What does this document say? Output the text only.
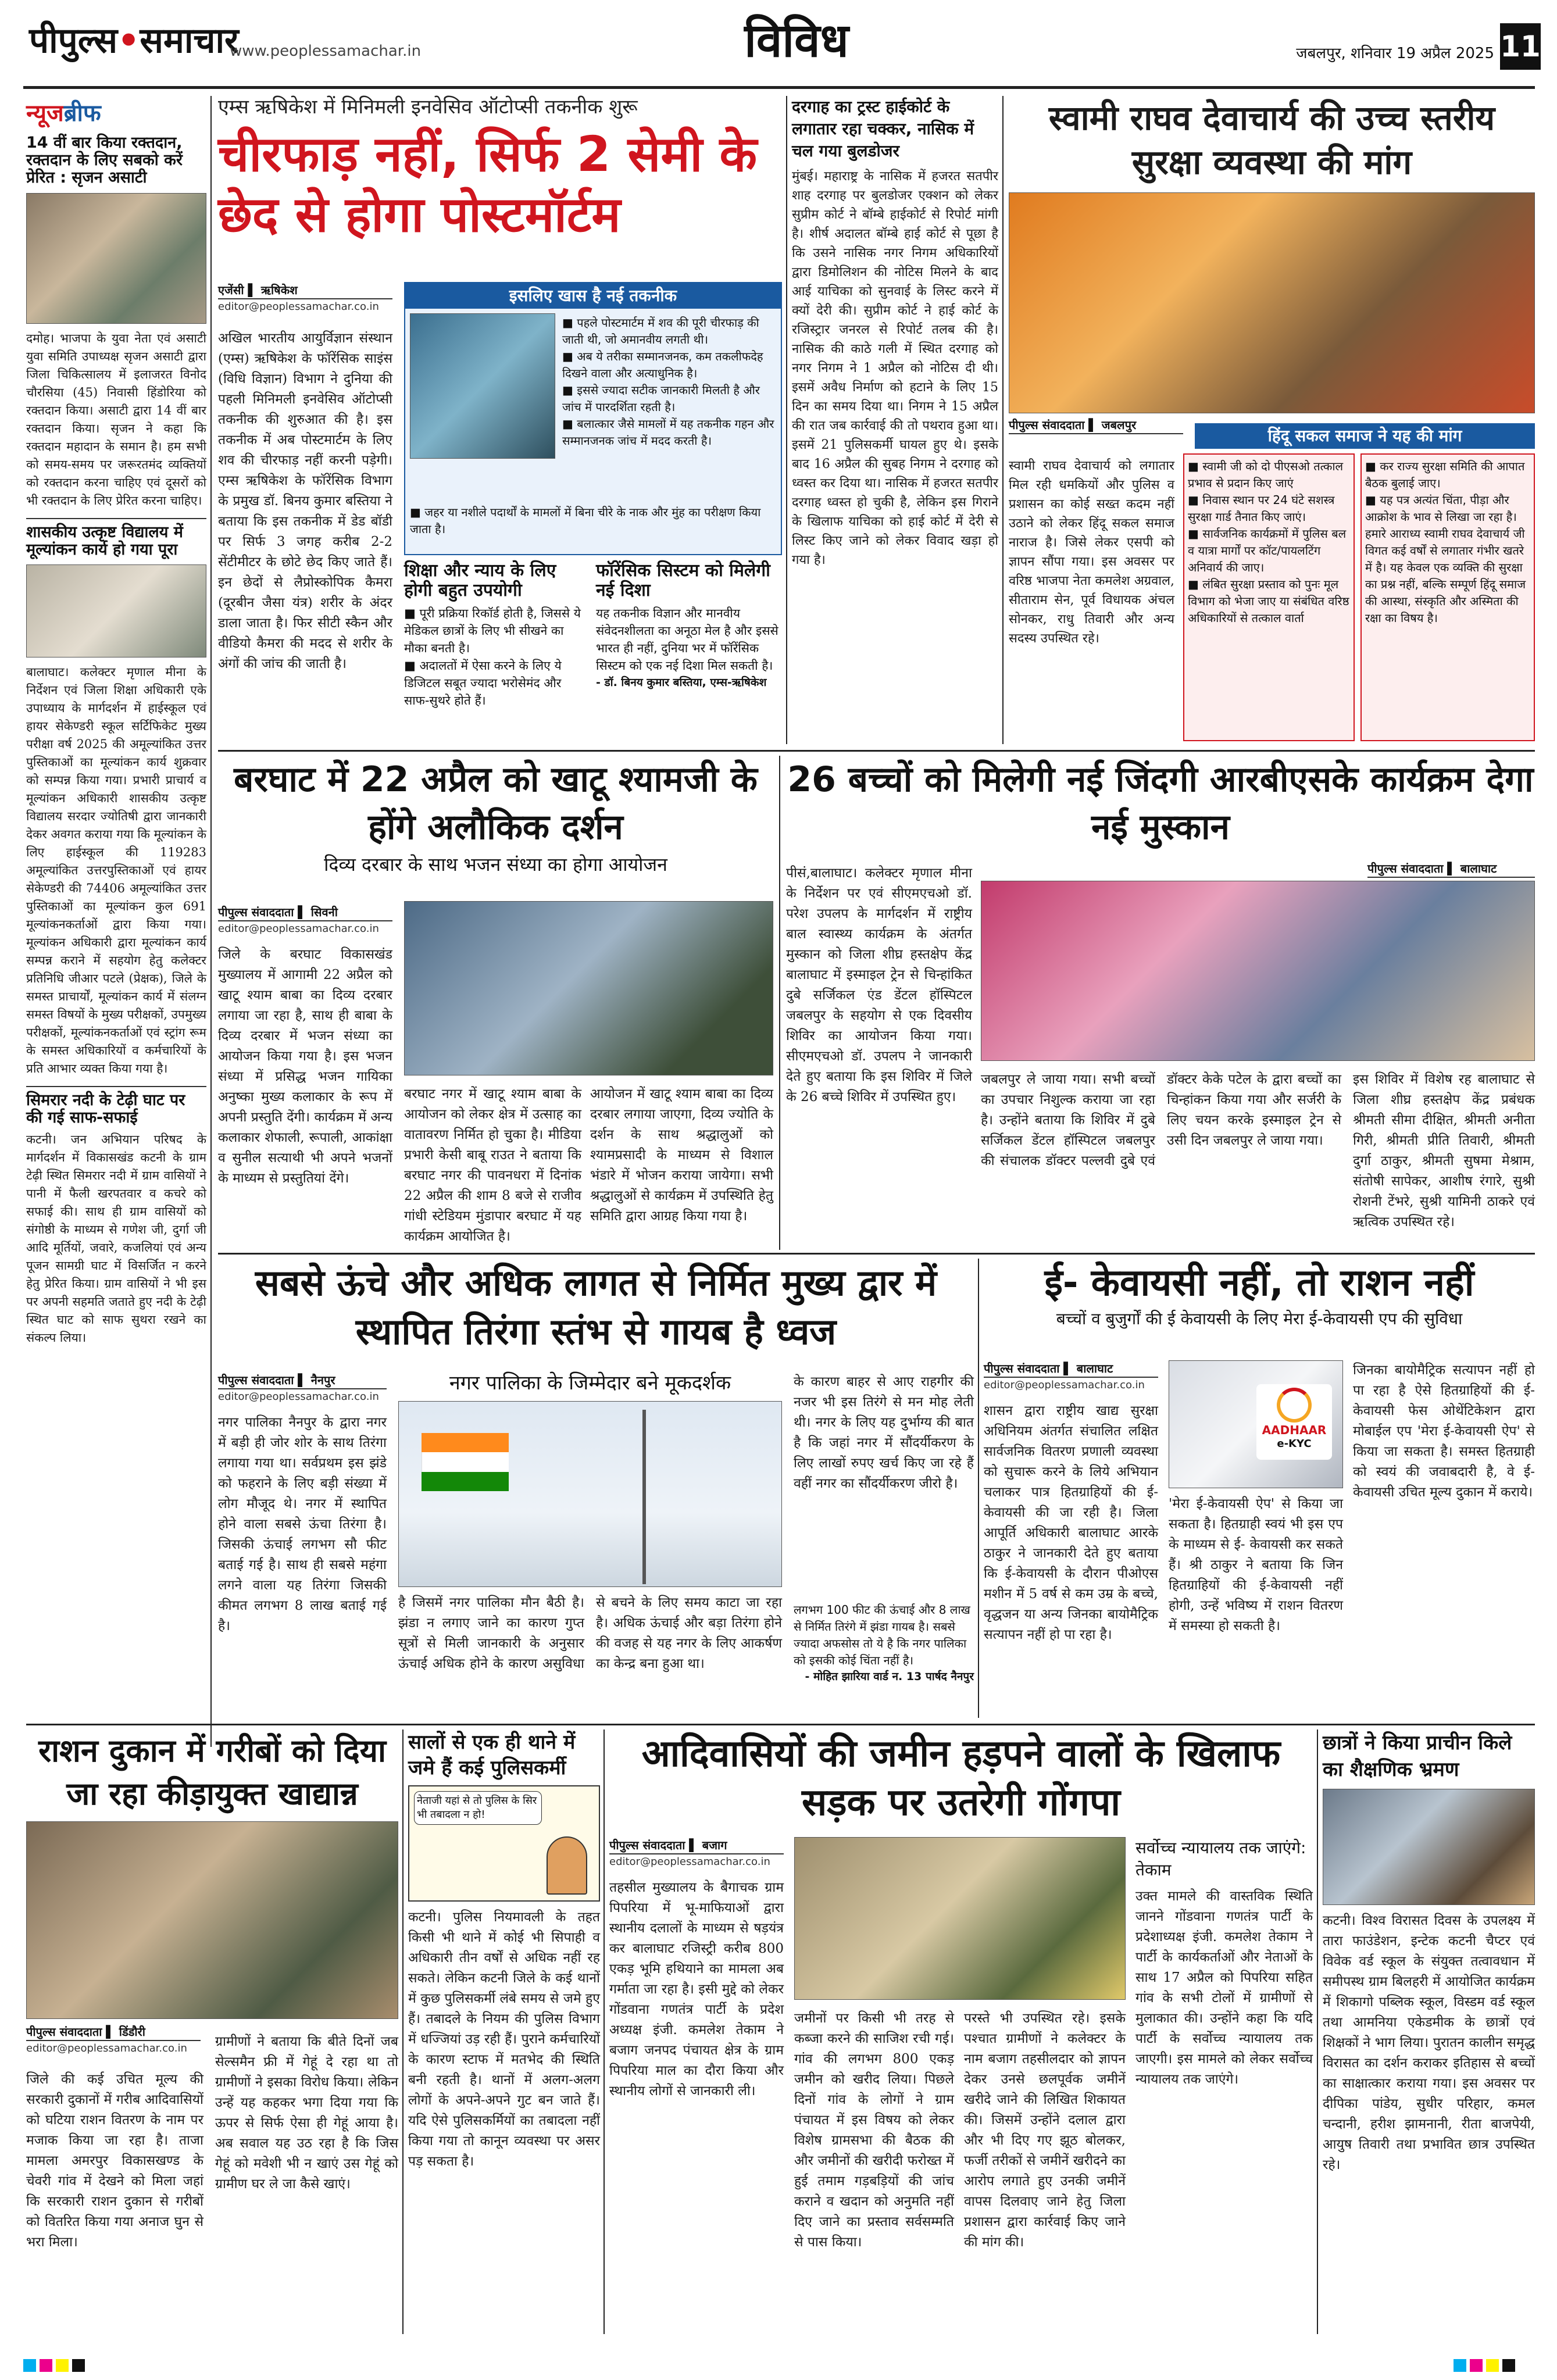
पीपुल्स•समाचार
www.peoplessamachar.in	विविध	जबलपुर, शनिवार 19 अप्रैल 2025 11
न्यूजब्रीफ
14 वीं बार किया रक्तदान, रक्तदान के लिए सबको करें प्रेरित : सृजन असाटी
दमोह। भाजपा के युवा नेता एवं असाटी युवा समिति उपाध्यक्ष सृजन असाटी द्वारा जिला चिकित्सालय में इलाजरत विनोद चौरसिया (45) निवासी हिंडोरिया को रक्तदान किया। असाटी द्वारा 14 वीं बार रक्तदान किया। सृजन ने कहा कि रक्तदान महादान के समान है। हम सभी को समय-समय पर जरूरतमंद व्यक्तियों को रक्तदान करना चाहिए एवं दूसरों को भी रक्तदान के लिए प्रेरित करना चाहिए।
शासकीय उत्कृष्ट विद्यालय में मूल्यांकन कार्य हो गया पूरा
बालाघाट। कलेक्टर मृणाल मीना के निर्देशन एवं जिला शिक्षा अधिकारी एके उपाध्याय के मार्गदर्शन में हाईस्कूल एवं हायर सेकेण्डरी स्कूल सर्टिफिकेट मुख्य परीक्षा वर्ष 2025 की अमूल्यांकित उत्तर पुस्तिकाओं का मूल्यांकन कार्य शुक्रवार को सम्पन्न किया गया। प्रभारी प्राचार्य व मूल्यांकन अधिकारी शासकीय उत्कृष्ट विद्यालय सरदार ज्योतिषी द्वारा जानकारी देकर अवगत कराया गया कि मूल्यांकन के लिए हाईस्कूल की 119283 अमूल्यांकित उत्तरपुस्तिकाओं एवं हायर सेकेण्डरी की 74406 अमूल्यांकित उत्तर पुस्तिकाओं का मूल्यांकन कुल 691 मूल्यांकनकर्ताओं द्वारा किया गया। मूल्यांकन अधिकारी द्वारा मूल्यांकन कार्य सम्पन्न कराने में सहयोग हेतु कलेक्टर प्रतिनिधि जीआर पटले (प्रेक्षक), जिले के समस्त प्राचार्यों, मूल्यांकन कार्य में संलग्न समस्त विषयों के मुख्य परीक्षकों, उपमुख्य परीक्षकों, मूल्यांकनकर्ताओं एवं स्ट्रांग रूम के समस्त अधिकारियों व कर्मचारियों के प्रति आभार व्यक्त किया गया है।
सिमरार नदी के टेढ़ी घाट पर की गई साफ-सफाई
कटनी। जन अभियान परिषद के मार्गदर्शन में विकासखंड कटनी के ग्राम टेढ़ी स्थित सिमरार नदी में ग्राम वासियों ने पानी में फैली खरपतवार व कचरे को सफाई की। साथ ही ग्राम वासियों को संगोष्ठी के माध्यम से गणेश जी, दुर्गा जी आदि मूर्तियों, जवारे, कजलियां एवं अन्य पूजन सामग्री घाट में विसर्जित न करने हेतु प्रेरित किया। ग्राम वासियों ने भी इस पर अपनी सहमति जताते हुए नदी के टेढ़ी स्थित घाट को साफ सुथरा रखने का संकल्प लिया।
एम्स ऋषिकेश में मिनिमली इनवेसिव ऑटोप्सी तकनीक शुरू
चीरफाड़ नहीं, सिर्फ 2 सेमी के छेद से होगा पोस्टमॉर्टम
एजेंसी ▌ ऋषिकेश
editor@peoplessamachar.co.in
अखिल भारतीय आयुर्विज्ञान संस्थान (एम्स) ऋषिकेश के फॉरेंसिक साइंस (विधि विज्ञान) विभाग ने दुनिया की पहली मिनिमली इनवेसिव ऑटोप्सी तकनीक की शुरुआत की है। इस तकनीक में अब पोस्टमार्टम के लिए शव की चीरफाड़ नहीं करनी पड़ेगी। एम्स ऋषिकेश के फॉरेंसिक विभाग के प्रमुख डॉ. बिनय कुमार बस्तिया ने बताया कि इस तकनीक में डेड बॉडी पर सिर्फ 3 जगह करीब 2-2 सेंटीमीटर के छोटे छेद किए जाते हैं। इन छेदों से लैप्रोस्कोपिक कैमरा (दूरबीन जैसा यंत्र) शरीर के अंदर डाला जाता है। फिर सीटी स्कैन और वीडियो कैमरा की मदद से शरीर के अंगों की जांच की जाती है।
इसलिए खास है नई तकनीक
■ पहले पोस्टमार्टम में शव की पूरी चीरफाड़ की जाती थी, जो अमानवीय लगती थी।
■ अब ये तरीका सम्मानजनक, कम तकलीफदेह दिखने वाला और अत्याधुनिक है।
■ इससे ज्यादा सटीक जानकारी मिलती है और जांच में पारदर्शिता रहती है।
■ बलात्कार जैसे मामलों में यह तकनीक गहन और सम्मानजनक जांच में मदद करती है।
■ जहर या नशीले पदार्थों के मामलों में बिना चीरे के नाक और मुंह का परीक्षण किया जाता है।
शिक्षा और न्याय के लिए होगी बहुत उपयोगी
■ पूरी प्रक्रिया रिकॉर्ड होती है, जिससे ये मेडिकल छात्रों के लिए भी सीखने का मौका बनती है।
■ अदालतों में ऐसा करने के लिए ये डिजिटल सबूत ज्यादा भरोसेमंद और साफ-सुथरे होते हैं।
फॉरेंसिक सिस्टम को मिलेगी नई दिशा
यह तकनीक विज्ञान और मानवीय संवेदनशीलता का अनूठा मेल है और इससे भारत ही नहीं, दुनिया भर में फॉरेंसिक सिस्टम को एक नई दिशा मिल सकती है।
- डॉ. बिनय कुमार बस्तिया, एम्स-ऋषिकेश
दरगाह का ट्रस्ट हाईकोर्ट के लगातार रहा चक्कर, नासिक में चल गया बुलडोजर
मुंबई। महाराष्ट्र के नासिक में हजरत सतपीर शाह दरगाह पर बुलडोजर एक्शन को लेकर सुप्रीम कोर्ट ने बॉम्बे हाईकोर्ट से रिपोर्ट मांगी है। शीर्ष अदालत बॉम्बे हाई कोर्ट से पूछा है कि उसने नासिक नगर निगम अधिकारियों द्वारा डिमोलिशन की नोटिस मिलने के बाद आई याचिका को सुनवाई के लिस्ट करने में क्यों देरी की। सुप्रीम कोर्ट ने हाई कोर्ट के रजिस्ट्रार जनरल से रिपोर्ट तलब की है। नासिक की काठे गली में स्थित दरगाह को नगर निगम ने 1 अप्रैल को नोटिस दी थी। इसमें अवैध निर्माण को हटाने के लिए 15 दिन का समय दिया था। निगम ने 15 अप्रैल की रात जब कार्रवाई की तो पथराव हुआ था। इसमें 21 पुलिसकर्मी घायल हुए थे। इसके बाद 16 अप्रैल की सुबह निगम ने दरगाह को ध्वस्त कर दिया था। नासिक में हजरत सतपीर दरगाह ध्वस्त हो चुकी है, लेकिन इस गिराने के खिलाफ याचिका को हाई कोर्ट में देरी से लिस्ट किए जाने को लेकर विवाद खड़ा हो गया है।
स्वामी राघव देवाचार्य की उच्च स्तरीय सुरक्षा व्यवस्था की मांग
पीपुल्स संवाददाता ▌ जबलपुर
हिंदू सकल समाज ने यह की मांग
स्वामी राघव देवाचार्य को लगातार मिल रही धमकियों और पुलिस व प्रशासन का कोई सख्त कदम नहीं उठाने को लेकर हिंदू सकल समाज नाराज है। जिसे लेकर एसपी को ज्ञापन सौंपा गया। इस अवसर पर वरिष्ठ भाजपा नेता कमलेश अग्रवाल, सीताराम सेन, पूर्व विधायक अंचल सोनकर, राधु तिवारी और अन्य सदस्य उपस्थित रहे।
■ स्वामी जी को दो पीएसओ तत्काल प्रभाव से प्रदान किए जाएं
■ निवास स्थान पर 24 घंटे सशस्त्र सुरक्षा गार्ड तैनात किए जाएं।
■ सार्वजनिक कार्यक्रमों में पुलिस बल व यात्रा मार्गों पर कॉट/पायलटिंग अनिवार्य की जाए।
■ लंबित सुरक्षा प्रस्ताव को पुनः मूल विभाग को भेजा जाए या संबंधित वरिष्ठ अधिकारियों से तत्काल वार्ता
■ कर राज्य सुरक्षा समिति की आपात बैठक बुलाई जाए।
■ यह पत्र अत्यंत चिंता, पीड़ा और आक्रोश के भाव से लिखा जा रहा है। हमारे आराध्य स्वामी राघव देवाचार्य जी विगत कई वर्षों से लगातार गंभीर खतरे में है। यह केवल एक व्यक्ति की सुरक्षा का प्रश्न नहीं, बल्कि सम्पूर्ण हिंदू समाज की आस्था, संस्कृति और अस्मिता की रक्षा का विषय है।
बरघाट में 22 अप्रैल को खाटू श्यामजी के होंगे अलौकिक दर्शन
दिव्य दरबार के साथ भजन संध्या का होगा आयोजन
पीपुल्स संवाददाता ▌ सिवनी
editor@peoplessamachar.co.in
जिले के बरघाट विकासखंड मुख्यालय में आगामी 22 अप्रैल को खाटू श्याम बाबा का दिव्य दरबार लगाया जा रहा है, साथ ही बाबा के दिव्य दरबार में भजन संध्या का आयोजन किया गया है। इस भजन संध्या में प्रसिद्ध भजन गायिका अनुष्का मुख्य कलाकार के रूप में अपनी प्रस्तुति देंगी। कार्यक्रम में अन्य कलाकार शेफाली, रूपाली, आकांक्षा व सुनील सत्याथी भी अपने भजनों के माध्यम से प्रस्तुतियां देंगे।
बरघाट नगर में खाटू श्याम बाबा के आयोजन को लेकर क्षेत्र में उत्साह का वातावरण निर्मित हो चुका है। मीडिया प्रभारी केसी बाबू राउत ने बताया कि बरघाट नगर की पावनधरा में दिनांक 22 अप्रैल की शाम 8 बजे से राजीव गांधी स्टेडियम मुंडापार बरघाट में यह कार्यक्रम आयोजित है।
आयोजन में खाटू श्याम बाबा का दिव्य दरबार लगाया जाएगा, दिव्य ज्योति के दर्शन के साथ श्रद्धालुओं को श्यामप्रसादी के माध्यम से विशाल भंडारे में भोजन कराया जायेगा। सभी श्रद्धालुओं से कार्यक्रम में उपस्थिति हेतु समिति द्वारा आग्रह किया गया है।
26 बच्चों को मिलेगी नई जिंदगी आरबीएसके कार्यक्रम देगा नई मुस्कान
पीपुल्स संवाददाता ▌ बालाघाट
पीसं,बालाघाट। कलेक्टर मृणाल मीना के निर्देशन पर एवं सीएमएचओ डॉ. परेश उपलप के मार्गदर्शन में राष्ट्रीय बाल स्वास्थ्य कार्यक्रम के अंतर्गत मुस्कान को जिला शीघ्र हस्तक्षेप केंद्र बालाघाट में इस्माइल ट्रेन से चिन्हांकित दुबे सर्जिकल एंड डेंटल हॉस्पिटल जबलपुर के सहयोग से एक दिवसीय शिविर का आयोजन किया गया। सीएमएचओ डॉ. उपलप ने जानकारी देते हुए बताया कि इस शिविर में जिले के 26 बच्चे शिविर में उपस्थित हुए।
जबलपुर ले जाया गया। सभी बच्चों का उपचार निशुल्क कराया जा रहा है। उन्होंने बताया कि शिविर में दुबे सर्जिकल डेंटल हॉस्पिटल जबलपुर की संचालक डॉक्टर पल्लवी दुबे एवं डॉक्टर केके पटेल के द्वारा बच्चों का चिन्हांकन किया गया और सर्जरी के लिए चयन करके इस्माइल ट्रेन से उसी दिन जबलपुर ले जाया गया।
इस शिविर में विशेष रह बालाघाट से जिला शीघ्र हस्तक्षेप केंद्र प्रबंधक श्रीमती सीमा दीक्षित, श्रीमती अनीता गिरी, श्रीमती प्रीति तिवारी, श्रीमती दुर्गा ठाकुर, श्रीमती सुषमा मेश्राम, संतोषी सापेकर, आशीष रंगारे, सुश्री रोशनी टेंभरे, सुश्री यामिनी ठाकरे एवं ऋत्विक उपस्थित रहे।
सबसे ऊंचे और अधिक लागत से निर्मित मुख्य द्वार में स्थापित तिरंगा स्तंभ से गायब है ध्वज
पीपुल्स संवाददाता ▌ नैनपुर
editor@peoplessamachar.co.in
नगर पालिका नैनपुर के द्वारा नगर में बड़ी ही जोर शोर के साथ तिरंगा लगाया गया था। सर्वप्रथम इस झंडे को फहराने के लिए बड़ी संख्या में लोग मौजूद थे। नगर में स्थापित होने वाला सबसे ऊंचा तिरंगा है। जिसकी ऊंचाई लगभग सौ फीट बताई गई है। साथ ही सबसे महंगा लगने वाला यह तिरंगा जिसकी कीमत लगभग 8 लाख बताई गई है।
नगर पालिका के जिम्मेदार बने मूकदर्शक
है जिसमें नगर पालिका मौन बैठी है। झंडा न लगाए जाने का कारण गुप्त सूत्रों से मिली जानकारी के अनुसार ऊंचाई अधिक होने के कारण असुविधा से बचने के लिए समय काटा जा रहा है। अधिक ऊंचाई और बड़ा तिरंगा होने की वजह से यह नगर के लिए आकर्षण का केन्द्र बना हुआ था।
के कारण बाहर से आए राहगीर की नजर भी इस तिरंगे से मन मोह लेती थी। नगर के लिए यह दुर्भाग्य की बात है कि जहां नगर में सौंदर्यीकरण के लिए लाखों रुपए खर्च किए जा रहे हैं वहीं नगर का सौंदर्यीकरण जीरो है।
लगभग 100 फीट की ऊंचाई और 8 लाख से निर्मित तिरंगे में झंडा गायब है। सबसे ज्यादा अफसोस तो ये है कि नगर पालिका को इसकी कोई चिंता नहीं है।
- मोहित झारिया वार्ड न. 13 पार्षद नैनपुर
ई- केवायसी नहीं, तो राशन नहीं
बच्चों व बुजुर्गों की ई केवायसी के लिए मेरा ई-केवायसी एप की सुविधा
पीपुल्स संवाददाता ▌ बालाघाट
editor@peoplessamachar.co.in
शासन द्वारा राष्ट्रीय खाद्य सुरक्षा अधिनियम अंतर्गत संचालित लक्षित सार्वजनिक वितरण प्रणाली व्यवस्था को सुचारू करने के लिये अभियान चलाकर पात्र हितग्राहियों की ई- केवायसी की जा रही है। जिला आपूर्ति अधिकारी बालाघाट आरके ठाकुर ने जानकारी देते हुए बताया कि ई-केवायसी के दौरान पीओएस मशीन में 5 वर्ष से कम उम्र के बच्चे, वृद्धजन या अन्य जिनका बायोमैट्रिक सत्यापन नहीं हो पा रहा है।
AADHAAR
e-KYC
'मेरा ई-केवायसी ऐप' से किया जा सकता है। हितग्राही स्वयं भी इस एप के माध्यम से ई- केवायसी कर सकते हैं। श्री ठाकुर ने बताया कि जिन हितग्राहियों की ई-केवायसी नहीं होगी, उन्हें भविष्य में राशन वितरण में समस्या हो सकती है।
जिनका बायोमैट्रिक सत्यापन नहीं हो पा रहा है ऐसे हितग्राहियों की ई- केवायसी फेस ओथेंटिकेशन द्वारा मोबाईल एप 'मेरा ई-केवायसी ऐप' से किया जा सकता है। समस्त हितग्राही को स्वयं की जवाबदारी है, वे ई- केवायसी उचित मूल्य दुकान में कराये।
राशन दुकान में गरीबों को दिया जा रहा कीड़ायुक्त खाद्यान्न
पीपुल्स संवाददाता ▌ डिंडौरी
editor@peoplessamachar.co.in
जिले की कई उचित मूल्य की सरकारी दुकानों में गरीब आदिवासियों को घटिया राशन वितरण के नाम पर मजाक किया जा रहा है। ताजा मामला अमरपुर विकासखण्ड के चेवरी गांव में देखने को मिला जहां कि सरकारी राशन दुकान से गरीबों को वितरित किया गया अनाज घुन से भरा मिला।
ग्रामीणों ने बताया कि बीते दिनों जब सेल्समैन फ्री में गेहूं दे रहा था तो ग्रामीणों ने इसका विरोध किया। लेकिन उन्हें यह कहकर भगा दिया गया कि ऊपर से सिर्फ ऐसा ही गेहूं आया है। अब सवाल यह उठ रहा है कि जिस गेहूं को मवेशी भी न खाएं उस गेहूं को ग्रामीण घर ले जा कैसे खाएं।
सालों से एक ही थाने में जमे हैं कई पुलिसकर्मी
नेताजी यहां से तो पुलिस के सिर भी तबादला न हो!
कटनी। पुलिस नियमावली के तहत किसी भी थाने में कोई भी सिपाही व अधिकारी तीन वर्षों से अधिक नहीं रह सकते। लेकिन कटनी जिले के कई थानों में कुछ पुलिसकर्मी लंबे समय से जमे हुए हैं। तबादले के नियम की पुलिस विभाग में धज्जियां उड़ रही हैं। पुराने कर्मचारियों के कारण स्टाफ में मतभेद की स्थिति बनी रहती है। थानों में अलग-अलग लोगों के अपने-अपने गुट बन जाते हैं। यदि ऐसे पुलिसकर्मियों का तबादला नहीं किया गया तो कानून व्यवस्था पर असर पड़ सकता है।
आदिवासियों की जमीन हड़पने वालों के खिलाफ सड़क पर उतरेगी गोंगपा
पीपुल्स संवाददाता ▌ बजाग
editor@peoplessamachar.co.in
तहसील मुख्यालय के बैगाचक ग्राम पिपरिया में भू-माफियाओं द्वारा स्थानीय दलालों के माध्यम से षड़यंत्र कर बालाघाट रजिस्ट्री करीब 800 एकड़ भूमि हथियाने का मामला अब गर्माता जा रहा है। इसी मुद्दे को लेकर गोंडवाना गणतंत्र पार्टी के प्रदेश अध्यक्ष इंजी. कमलेश तेकाम ने बजाग जनपद पंचायत क्षेत्र के ग्राम पिपरिया माल का दौरा किया और स्थानीय लोगों से जानकारी ली।
जमीनों पर किसी भी तरह से कब्जा करने की साजिश रची गई। गांव की लगभग 800 एकड़ जमीन को खरीद लिया। पिछले दिनों गांव के लोगों ने ग्राम पंचायत में इस विषय को लेकर विशेष ग्रामसभा की बैठक की और जमीनों की खरीदी फरोख्त में हुई तमाम गड़बड़ियों की जांच कराने व खदान को अनुमति नहीं दिए जाने का प्रस्ताव सर्वसम्मति से पास किया।
परस्ते भी उपस्थित रहे। इसके पश्चात ग्रामीणों ने कलेक्टर के नाम बजाग तहसीलदार को ज्ञापन देकर उनसे छलपूर्वक जमीनें खरीदे जाने की लिखित शिकायत की। जिसमें उन्होंने दलाल द्वारा और भी दिए गए झूठ बोलकर, फर्जी तरीकों से जमीनें खरीदने का आरोप लगाते हुए उनकी जमीनें वापस दिलवाए जाने हेतु जिला प्रशासन द्वारा कार्रवाई किए जाने की मांग की।
सर्वोच्च न्यायालय तक जाएंगे: तेकाम
उक्त मामले की वास्तविक स्थिति जानने गोंडवाना गणतंत्र पार्टी के प्रदेशाध्यक्ष इंजी. कमलेश तेकाम ने पार्टी के कार्यकर्ताओं और नेताओं के साथ 17 अप्रैल को पिपरिया सहित गांव के सभी टोलों में ग्रामीणों से मुलाकात की। उन्होंने कहा कि यदि पार्टी के सर्वोच्च न्यायालय तक जाएगी। इस मामले को लेकर सर्वोच्च न्यायालय तक जाएंगे।
छात्रों ने किया प्राचीन किले का शैक्षणिक भ्रमण
कटनी। विश्व विरासत दिवस के उपलक्ष्य में तारा फाउंडेशन, इन्टेक कटनी चैप्टर एवं विवेक वर्ड स्कूल के संयुक्त तत्वावधान में समीपस्थ ग्राम बिलहरी में आयोजित कार्यक्रम में शिकागो पब्लिक स्कूल, विस्डम वर्ड स्कूल तथा आमनिया एकेडमीक के छात्रों एवं शिक्षकों ने भाग लिया। पुरातन कालीन समृद्ध विरासत का दर्शन कराकर इतिहास से बच्चों का साक्षात्कार कराया गया। इस अवसर पर दीपिका पांडेय, सुधीर परिहार, कमल चन्दानी, हरीश झामनानी, रीता बाजपेयी, आयुष तिवारी तथा प्रभावित छात्र उपस्थित रहे।
